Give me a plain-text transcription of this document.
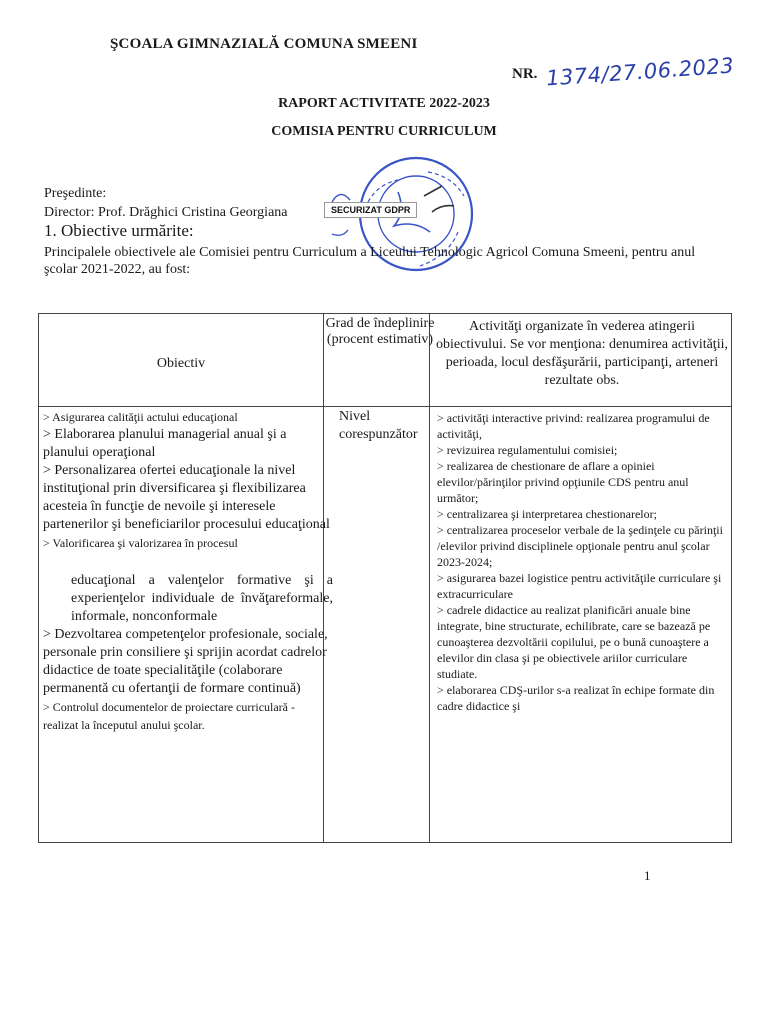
ŞCOALA GIMNAZIALĂ COMUNA SMEENI
NR. 1374/27.06.2023
RAPORT ACTIVITATE 2022-2023
COMISIA PENTRU CURRICULUM
SECURIZAT GDPR
Preşedinte:
Director: Prof. Drăghici Cristina Georgiana
1. Obiective urmărite:
Principalele obiectivele ale Comisiei pentru Curriculum a Liceului Tehnologic Agricol Comuna Smeeni, pentru anul şcolar 2021-2022, au fost:
Obiectiv
Grad de îndeplinire (procent estimativ)
Activităţi organizate în vederea atingerii obiectivului. Se vor menţiona: denumirea activităţii, perioada, locul desfăşurării, participanţi, arteneri rezultate obs.

> Asigurarea calităţii actului educaţional

> Elaborarea planului managerial anual şi a planului operaţional

> Personalizarea ofertei educaţionale la nivel instituţional prin diversificarea şi flexibilizarea acesteia în funcţie de nevoile şi interesele partenerilor şi beneficiarilor procesului educaţional

> Valorificarea şi valorizarea în procesul

educaţional a valenţelor formative şi a experienţelor individuale de învăţareformale, informale, nonconformale

> Dezvoltarea competenţelor profesionale, sociale, personale prin consiliere şi sprijin acordat cadrelor didactice de toate specialităţile (colaborare permanentă cu ofertanţii de formare continuă)

> Controlul documentelor de proiectare curriculară - realizat la începutul anului şcolar.

Nivel corespunzător

> activităţi interactive privind: realizarea programului de activităţi,

> revizuirea regulamentului comisiei;

> realizarea de chestionare de aflare a opiniei elevilor/părinţilor privind opţiunile CDS pentru anul următor;

> centralizarea şi interpretarea chestionarelor;

> centralizarea proceselor verbale de la şedinţele cu părinţii /elevilor privind disciplinele opţionale pentru anul şcolar 2023-2024;

> asigurarea bazei logistice pentru activităţile curriculare şi extracurriculare

> cadrele didactice au realizat planificări anuale bine integrate, bine structurate, echilibrate, care se bazează pe cunoaşterea dezvoltării copilului, pe o bună cunoaştere a elevilor din clasa şi pe obiectivele ariilor curriculare studiate.

> elaborarea CDŞ-urilor s-a realizat în echipe formate din cadre didactice şi

1
